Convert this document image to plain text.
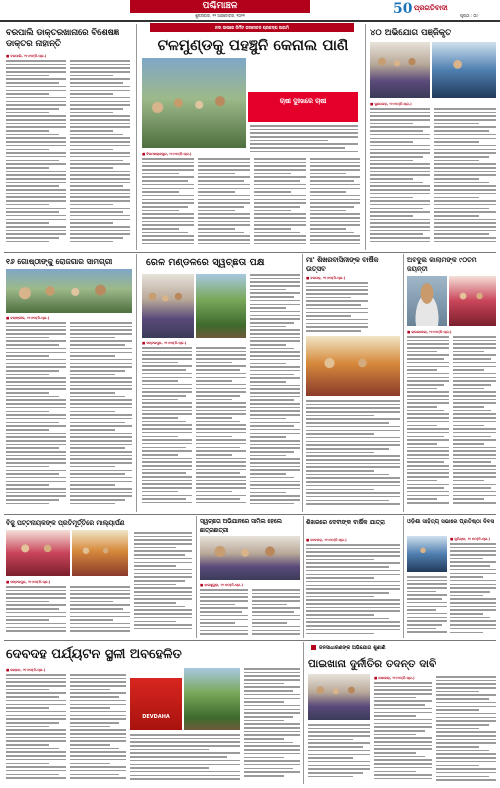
ପଶ୍ଚିମାଞ୍ଚଳ
ଶୁକ୍ରବାର, ୨୨ ଅକ୍ଟୋବର, ୨୦୨୧	50 ପ୍ରଗତିବାଦୀ
ପୃଷ୍ଠା : ୦୯
ବରପାଲି ଡାକ୍ତରଖାନାରେ ବିଶେଷଜ୍ଞ ଡାକ୍ତର ନାହାନ୍ତି
■ ବରପାଲି, ୨୧।୧୦(ନି.ପ୍ର.)
ନଦୀ ଉପରେ ନିର୍ମିତ ଜଳସେଚନ ପ୍ରକଳ୍ପ ଅକାମି
ଟଳମୁଣ୍ଡକୁ ପହଞ୍ଚୁନି କେନାଲ ପାଣି
ଚାଷୀ ଦୁଃଖରେ ଚାଷୀ
■ ବିରମହାରାଜପୁର, ୨୧।୧୦(ନି.ପ୍ର.)
୪୦ ଅଭିଯୋଗ ପଞ୍ଜିକୃତ
■ ସୁନ୍ଦରଗଡ଼, ୨୧।୧୦(ନି.ପ୍ର.)
୧୬ ଗୋଷ୍ଠୀଙ୍କୁ ରୋଜଗାର ସାମଗ୍ରୀ
■ ବଲାଙ୍ଗୀର, ୨୧।୧୦(ନି.ପ୍ର.)
ରେଳ ମଣ୍ଡଳରେ ସ୍ୱଚ୍ଛତା ପକ୍ଷ
■ ସମ୍ବଲପୁର, ୨୧।୧୦(ନି.ପ୍ର.)
ମା' ଶିଖରବାସିନୀଙ୍କ ବାର୍ଷିକ ଉତ୍ସବ
■ ବରଗଡ଼, ୨୧।୧୦(ନି.ପ୍ର.)
ଅବଦୁଲ କାଲାମଙ୍କ ୯୦ତମ ଜୟନ୍ତୀ
■ ରାଉରକେଲା, ୨୧।୧୦(ନି.ପ୍ର.)
ବିଜୁ ପଟ୍ଟନାୟକଙ୍କ ପ୍ରତିମୂର୍ତ୍ତିରେ ମାଲ୍ୟାର୍ପଣ
■ ସମ୍ବଲପୁର, ୨୧।୧୦(ନି.ପ୍ର.)
ସ୍ୱଚ୍ଛତା ଅଭିଯାନରେ ସାମିଲ ହେଲେ ଛାତ୍ରଛାତ୍ରୀ
■ ଝାରସୁଗୁଡ଼ା, ୨୧।୧୦(ନି.ପ୍ର.)
ଶିଖରରେ ଦେବୀଙ୍କ ବାର୍ଷିକ ଯାତ୍ରା
■ ଦେବଗଡ଼, ୨୧।୧୦(ନି.ପ୍ର.)
ଓଡ଼ିଶା ସାହିତ୍ୟ ସଭାରେ ପ୍ରତିଷ୍ଠା ଦିବସ
■ କୁଚିଣ୍ଡା, ୨୧।୧୦(ନି.ପ୍ର.)
ଦେବଦହ ପର୍ଯ୍ୟଟନ ସ୍ଥଳୀ ଅବହେଳିତ
■ ଭେଡ଼ାନ, ୨୧।୧୦(ନି.ପ୍ର.)
DEVDAHA
ଜନସାଧାରଣଙ୍କ ଅଭିଯୋଗ ଶୁଣାଣି
ପାଇଖାନା ଦୁର୍ନୀତିର ତଦନ୍ତ ଦାବି
■ ସୋହେଲା, ୨୧।୧୦(ନି.ପ୍ର.)
